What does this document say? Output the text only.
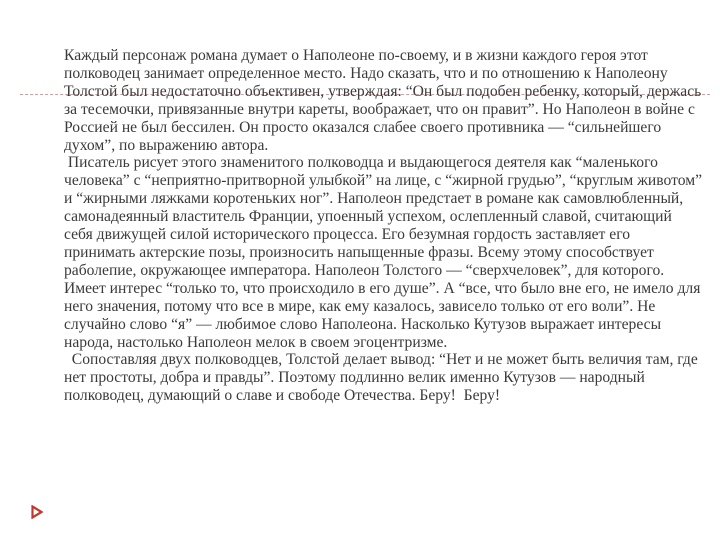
Каждый персонаж романа думает о Наполеоне по-своему, и в жизни каждого героя этот полководец занимает определенное место. Надо сказать, что и по отношению к Наполеону Толстой был недостаточно объективен, утверждая: “Он был подобен ребенку, который, держась за тесемочки, привязанные внутри кареты, воображает, что он правит”. Но Наполеон в войне с Россией не был бессилен. Он просто оказался слабее своего противника — “сильнейшего духом”, по выражению автора.

Писатель рисует этого знаменитого полководца и выдающегося деятеля как “маленького человека” с “неприятно-притворной улыбкой” на лице, с “жирной грудью”, “круглым животом” и “жирными ляжками коротеньких ног”. Наполеон предстает в романе как самовлюбленный, самонадеянный властитель Франции, упоенный успехом, ослепленный славой, считающий себя движущей силой исторического процесса. Его безумная гордость заставляет его принимать актерские позы, произносить напыщенные фразы. Всему этому способствует раболепие, окружающее императора. Наполеон Толстого — “сверхчеловек”, для которого. Имеет интерес “только то, что происходило в его душе”. А “все, что было вне его, не имело для него значения, потому что все в мире, как ему казалось, зависело только от его воли”. Не случайно слово “я” — любимое слово Наполеона. Насколько Кутузов выражает интересы народа, настолько Наполеон мелок в своем эгоцентризме.

Сопоставляя двух полководцев, Толстой делает вывод: “Нет и не может быть величия там, где нет простоты, добра и правды”. Поэтому подлинно велик именно Кутузов — народный полководец, думающий о славе и свободе Отечества. Беру!  Беру!
